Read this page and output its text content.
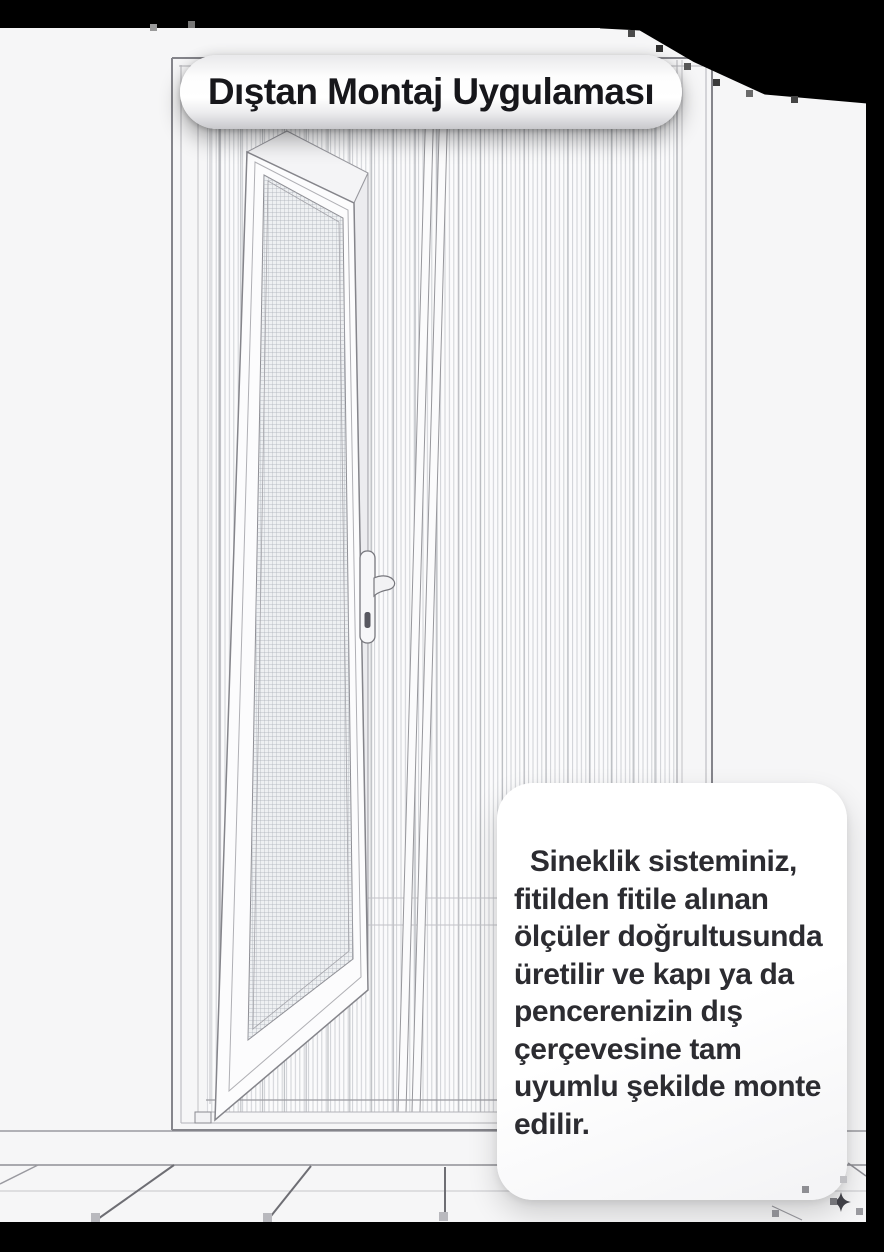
Dıştan Montaj Uygulaması
Sineklik sisteminiz,
fitilden fitile alınan
ölçüler doğrultusunda
üretilir ve kapı ya da
pencerenizin dış
çerçevesine tam
uyumlu şekilde monte
edilir.
